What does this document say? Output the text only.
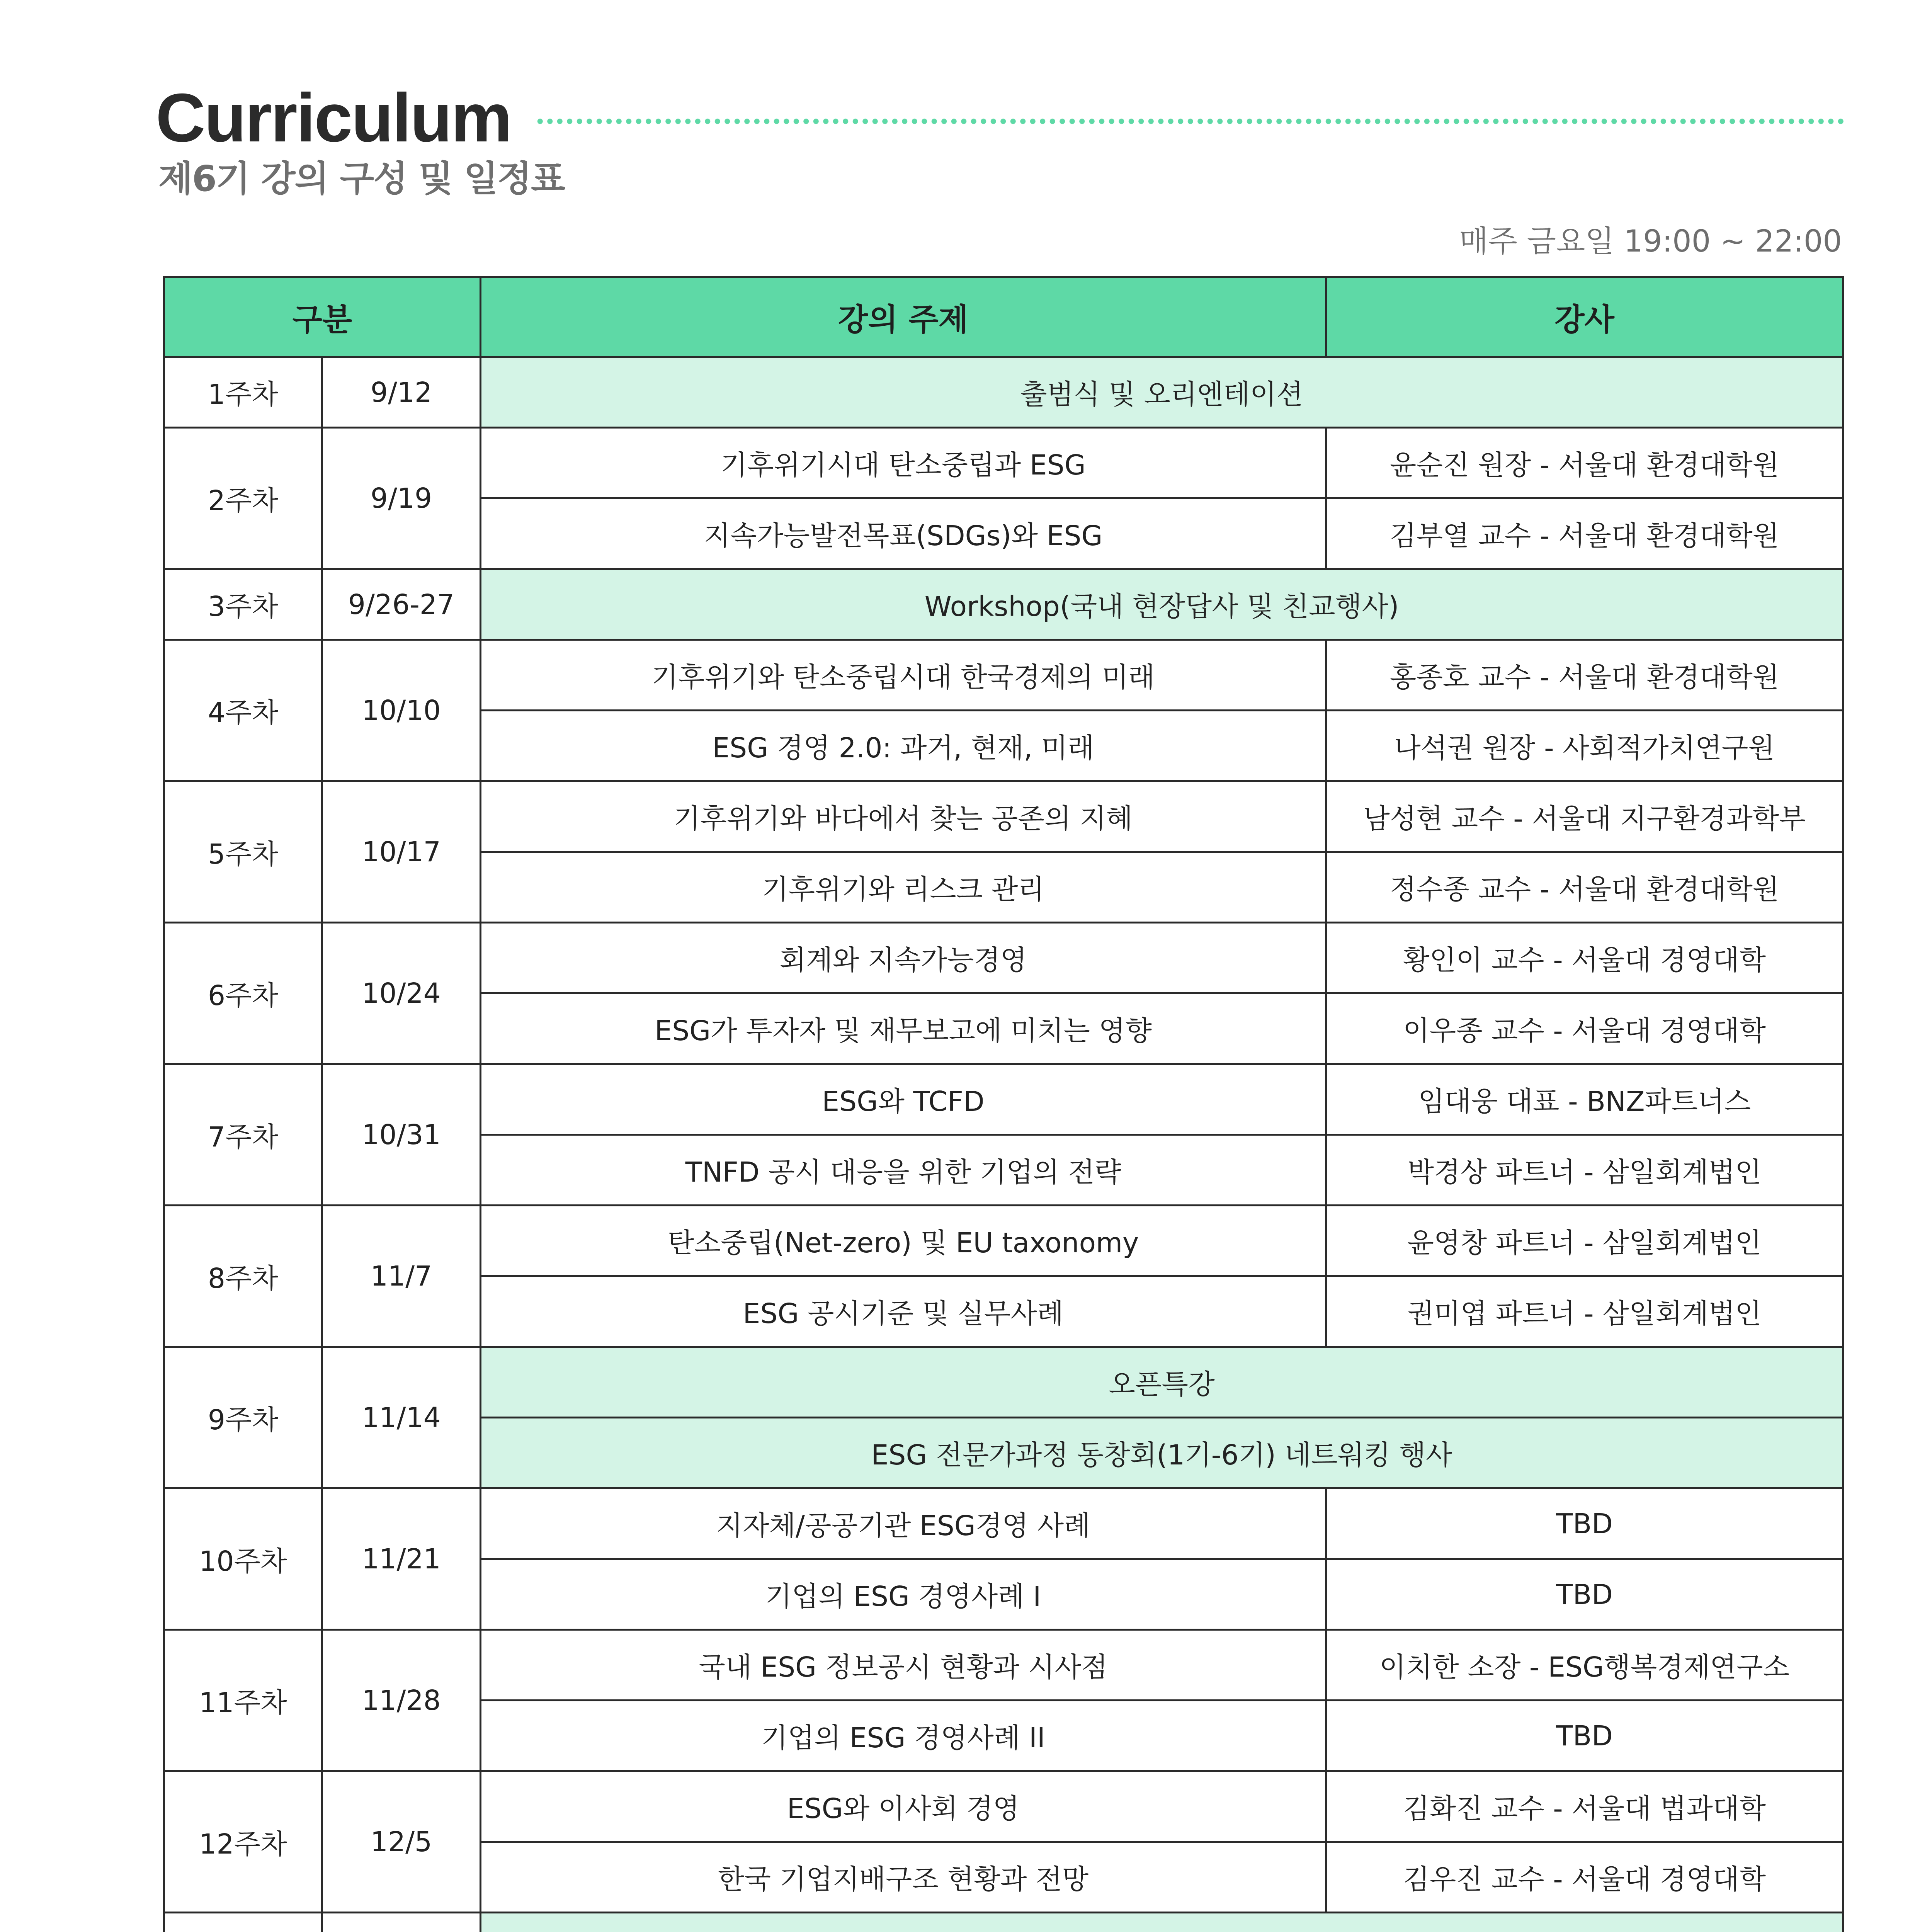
Curriculum
제6기 강의 구성 및 일정표
매주 금요일 19:00 ~ 22:00
구분		강의 주제	강사
1주차	9/12	출범식 및 오리엔테이션	
2주차	9/19	기후위기시대 탄소중립과 ESG	윤순진 원장 - 서울대 환경대학원
		지속가능발전목표(SDGs)와 ESG	김부열 교수 - 서울대 환경대학원
3주차	9/26-27	Workshop(국내 현장답사 및 친교행사)	
4주차	10/10	기후위기와 탄소중립시대 한국경제의 미래	홍종호 교수 - 서울대 환경대학원
		ESG 경영 2.0: 과거, 현재, 미래	나석권 원장 - 사회적가치연구원
5주차	10/17	기후위기와 바다에서 찾는 공존의 지혜	남성현 교수 - 서울대 지구환경과학부
		기후위기와 리스크 관리	정수종 교수 - 서울대 환경대학원
6주차	10/24	회계와 지속가능경영	황인이 교수 - 서울대 경영대학
		ESG가 투자자 및 재무보고에 미치는 영향	이우종 교수 - 서울대 경영대학
7주차	10/31	ESG와 TCFD	임대웅 대표 - BNZ파트너스
		TNFD 공시 대응을 위한 기업의 전략	박경상 파트너 - 삼일회계법인
8주차	11/7	탄소중립(Net-zero) 및 EU taxonomy	윤영창 파트너 - 삼일회계법인
		ESG 공시기준 및 실무사례	권미엽 파트너 - 삼일회계법인
9주차	11/14	오픈특강	
		ESG 전문가과정 동창회(1기-6기) 네트워킹 행사	
10주차	11/21	지자체/공공기관 ESG경영 사례	TBD
		기업의 ESG 경영사례 I	TBD
11주차	11/28	국내 ESG 정보공시 현황과 시사점	이치한 소장 - ESG행복경제연구소
		기업의 ESG 경영사례 II	TBD
12주차	12/5	ESG와 이사회 경영	김화진 교수 - 서울대 법과대학
		한국 기업지배구조 현황과 전망	김우진 교수 - 서울대 경영대학
